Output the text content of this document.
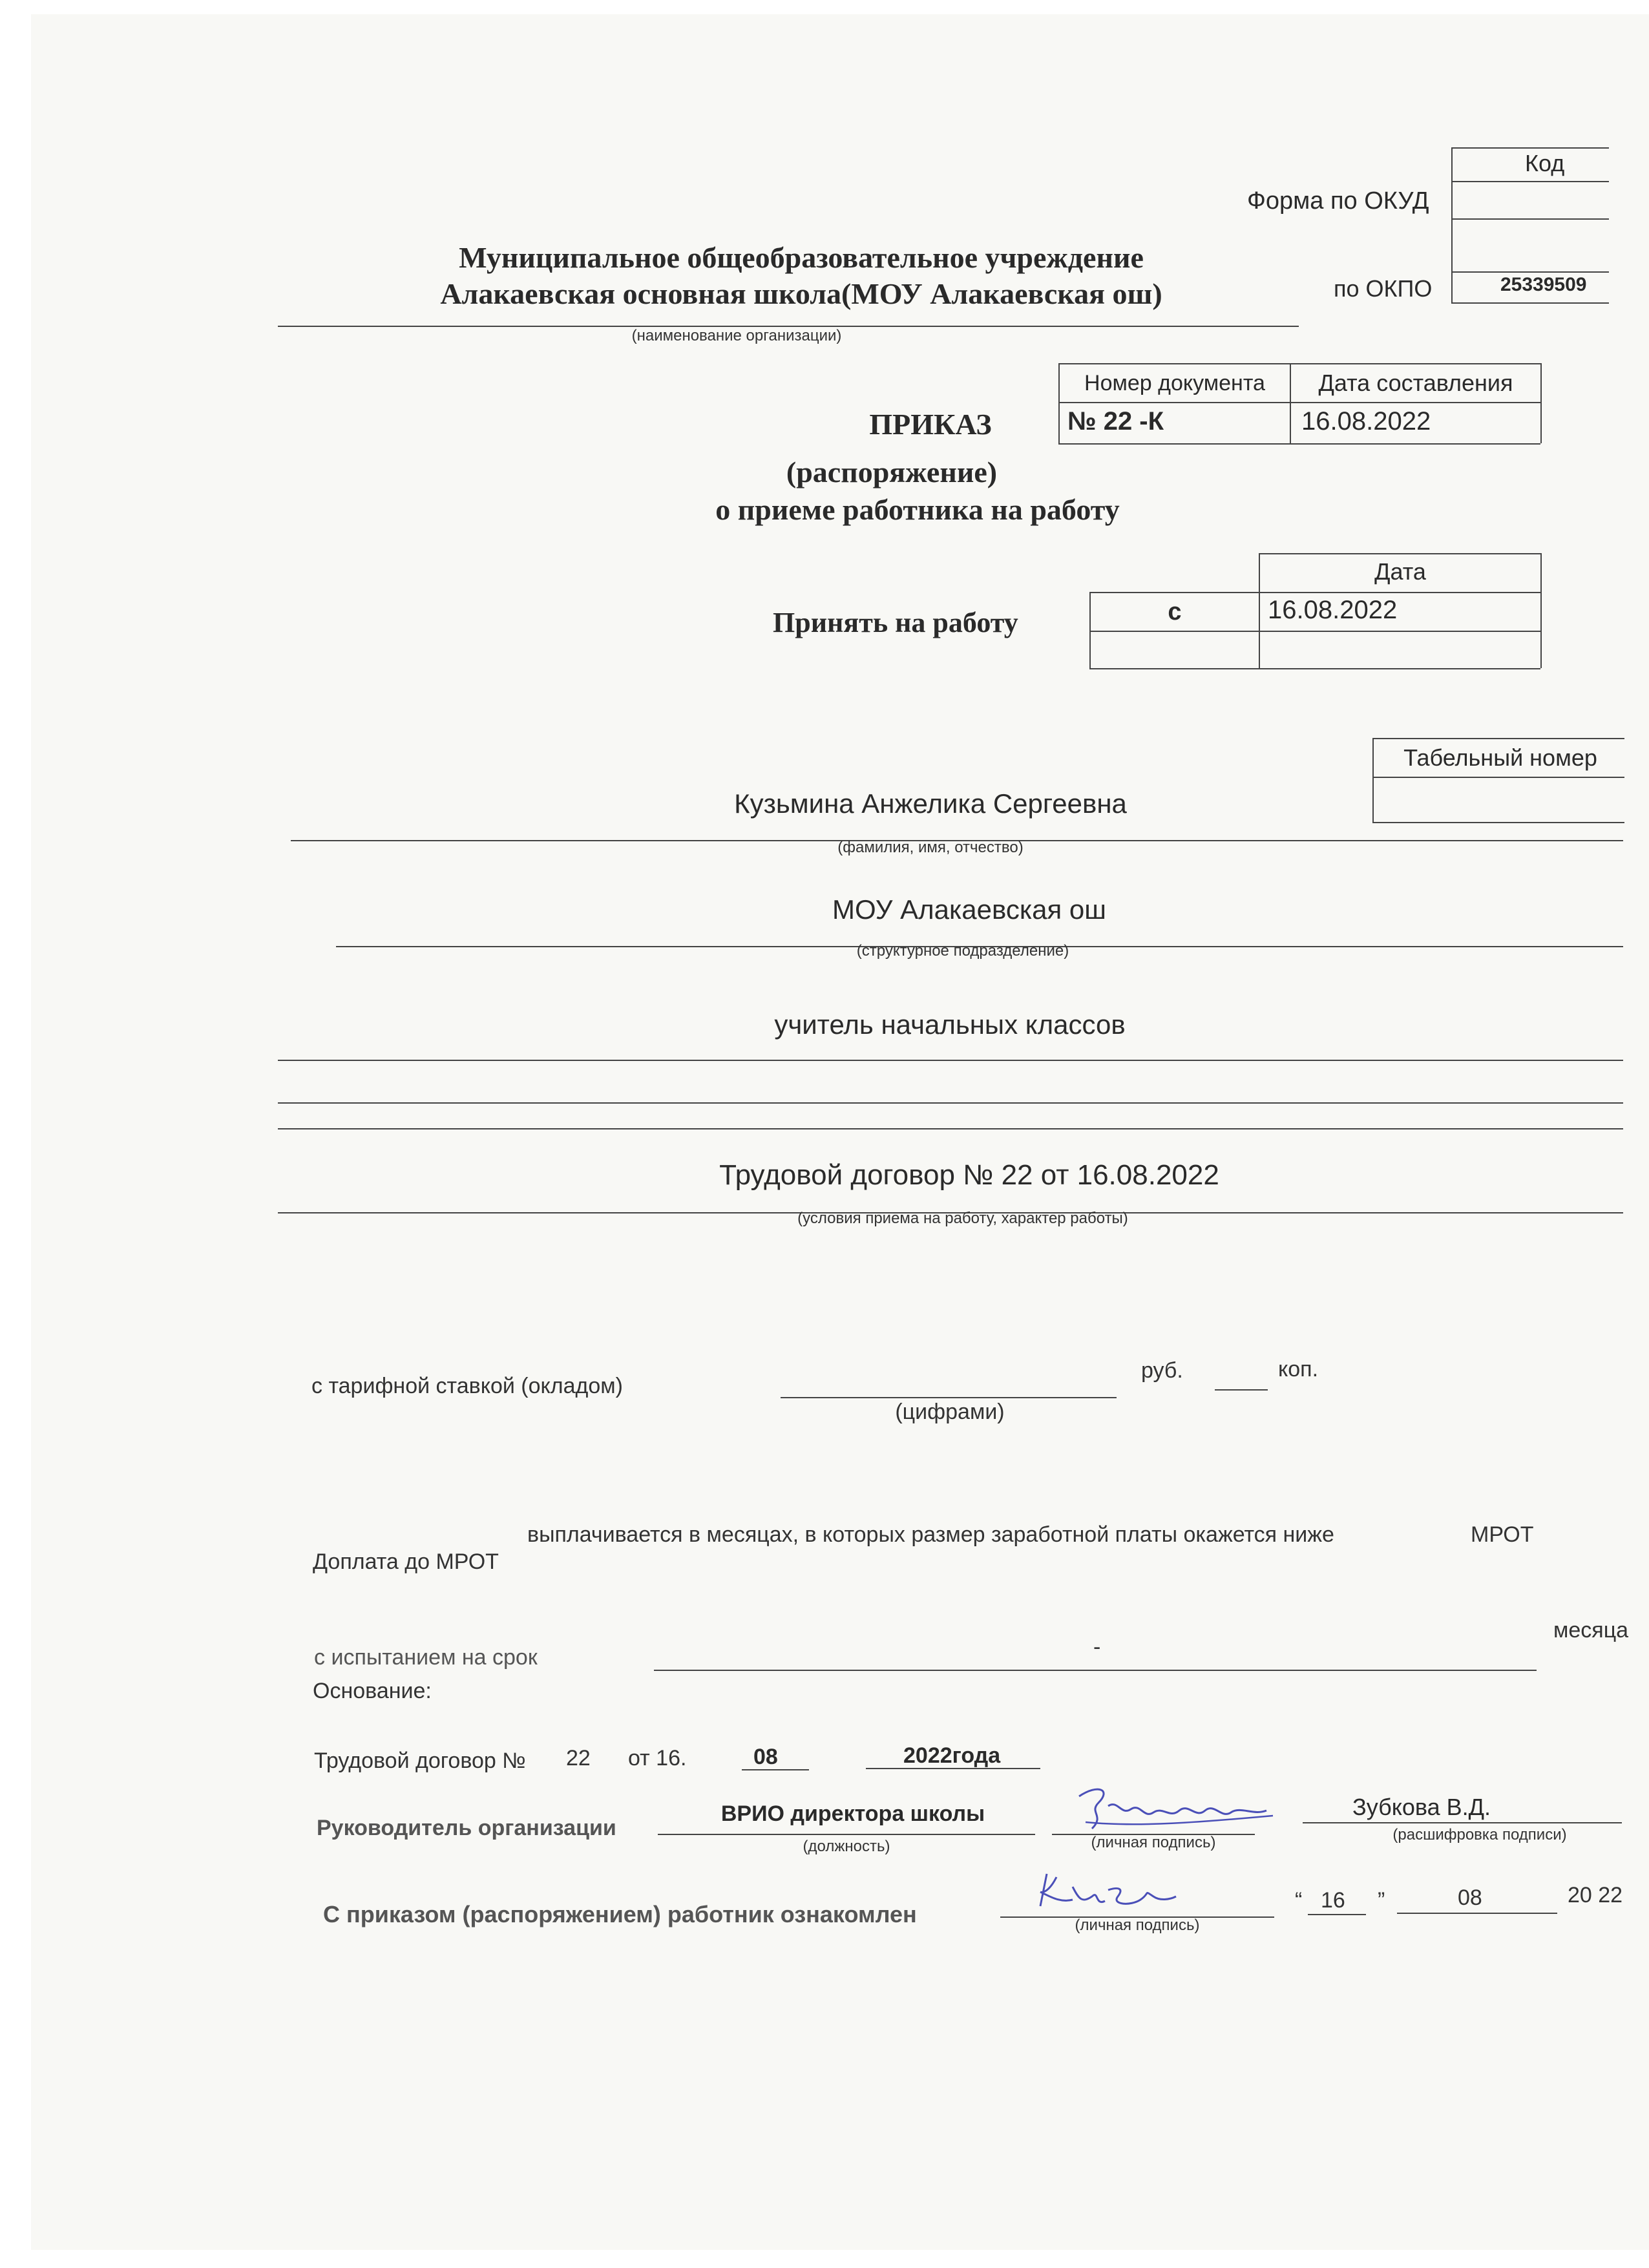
Код
Форма по ОКУД
по ОКПО	25339509
Муниципальное общеобразовательное учреждение
Алакаевская основная школа(МОУ Алакаевская ош)
(наименование организации)
Номер документа	Дата составления
№ 22 -К	16.08.2022
ПРИКАЗ
(распоряжение)
о приеме работника на работу
Дата
с	16.08.2022
Принять на работу
Табельный номер
Кузьмина Анжелика Сергеевна
(фамилия, имя, отчество)
МОУ Алакаевская ош
(структурное подразделение)
учитель начальных классов
Трудовой договор № 22 от 16.08.2022
(условия приема на работу, характер работы)
с тарифной ставкой (окладом)
руб.	коп.
(цифрами)
Доплата до МРОТ
выплачивается в месяцах, в которых размер заработной платы окажется ниже	МРОТ
с испытанием на срок	-
месяца
Основание:
Трудовой договор № 22 от 16.	08	2022года
Руководитель организации
ВРИО директора школы
(должность)	(личная подпись)
Зубкова В.Д.
(расшифровка подписи)
С приказом (распоряжением) работник ознакомлен	(личная подпись)
“ 16 ”	08	20 22
